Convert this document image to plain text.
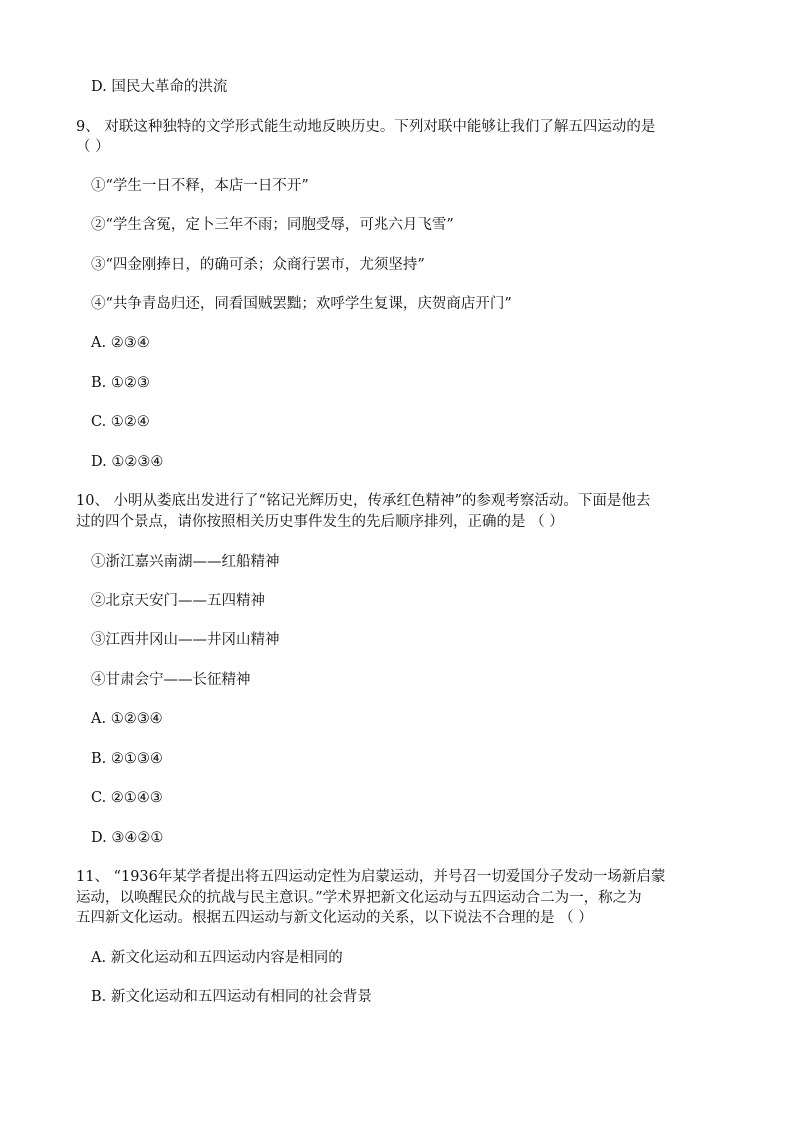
D. 国民大革命的洪流
9、 对联这种独特的文学形式能生动地反映历史。下列对联中能够让我们了解五四运动的是
（ ）
①“学生一日不释，本店一日不开”
②“学生含冤，定卜三年不雨；同胞受辱，可兆六月飞雪”
③“四金刚捧日，的确可杀；众商行罢市，尤须坚持”
④“共争青岛归还，同看国贼罢黜；欢呼学生复课，庆贺商店开门”
A. ②③④
B. ①②③
C. ①②④
D. ①②③④
10、 小明从娄底出发进行了“铭记光辉历史，传承红色精神”的参观考察活动。下面是他去
过的四个景点，请你按照相关历史事件发生的先后顺序排列，正确的是 （ ）
①浙江嘉兴南湖——红船精神
②北京天安门——五四精神
③江西井冈山——井冈山精神
④甘肃会宁——长征精神
A. ①②③④
B. ②①③④
C. ②①④③
D. ③④②①
11、 “1936年某学者提出将五四运动定性为启蒙运动，并号召一切爱国分子发动一场新启蒙
运动，以唤醒民众的抗战与民主意识。”学术界把新文化运动与五四运动合二为一，称之为
五四新文化运动。根据五四运动与新文化运动的关系，以下说法不合理的是 （ ）
A. 新文化运动和五四运动内容是相同的
B. 新文化运动和五四运动有相同的社会背景
